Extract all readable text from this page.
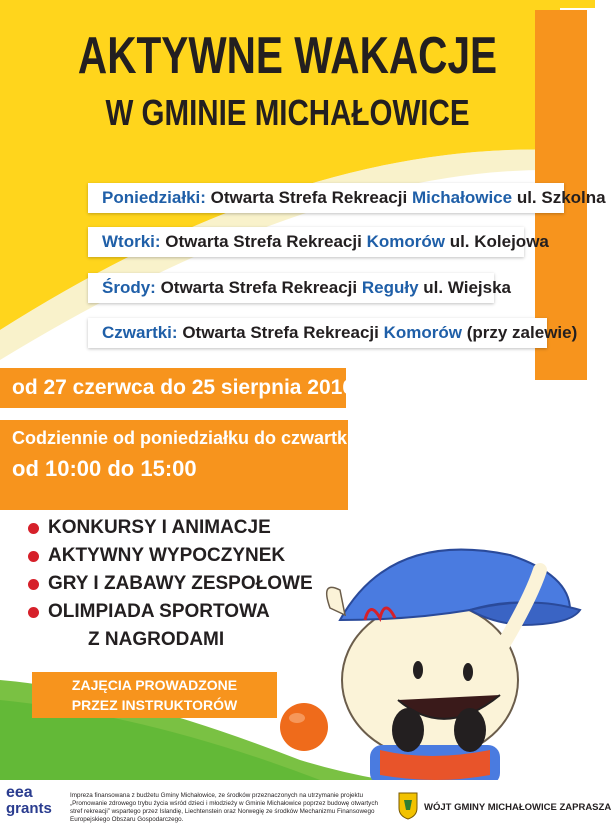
AKTYWNE WAKACJE
W GMINIE MICHAŁOWICE
Poniedziałki: Otwarta Strefa Rekreacji Michałowice ul. Szkolna
Wtorki: Otwarta Strefa Rekreacji Komorów ul. Kolejowa
Środy: Otwarta Strefa Rekreacji Reguły ul. Wiejska
Czwartki: Otwarta Strefa Rekreacji Komorów (przy zalewie)
od 27 czerwca do 25 sierpnia 2016
Codziennie od poniedziałku do czwartku
od 10:00 do 15:00
KONKURSY I ANIMACJE
AKTYWNY WYPOCZYNEK
GRY I ZABAWY ZESPOŁOWE
OLIMPIADA SPORTOWA
Z NAGRODAMI
ZAJĘCIA PROWADZONE
PRZEZ INSTRUKTORÓW
eea
grants
Impreza finansowana z budżetu Gminy Michałowice, ze środków przeznaczonych na utrzymanie projektu „Promowanie zdrowego trybu życia wśród dzieci i młodzieży w Gminie Michałowice poprzez budowę otwartych stref rekreacji” wspartego przez Islandię, Liechtenstein oraz Norwegię ze środków Mechanizmu Finansowego Europejskiego Obszaru Gospodarczego.
WÓJT GMINY MICHAŁOWICE ZAPRASZA
